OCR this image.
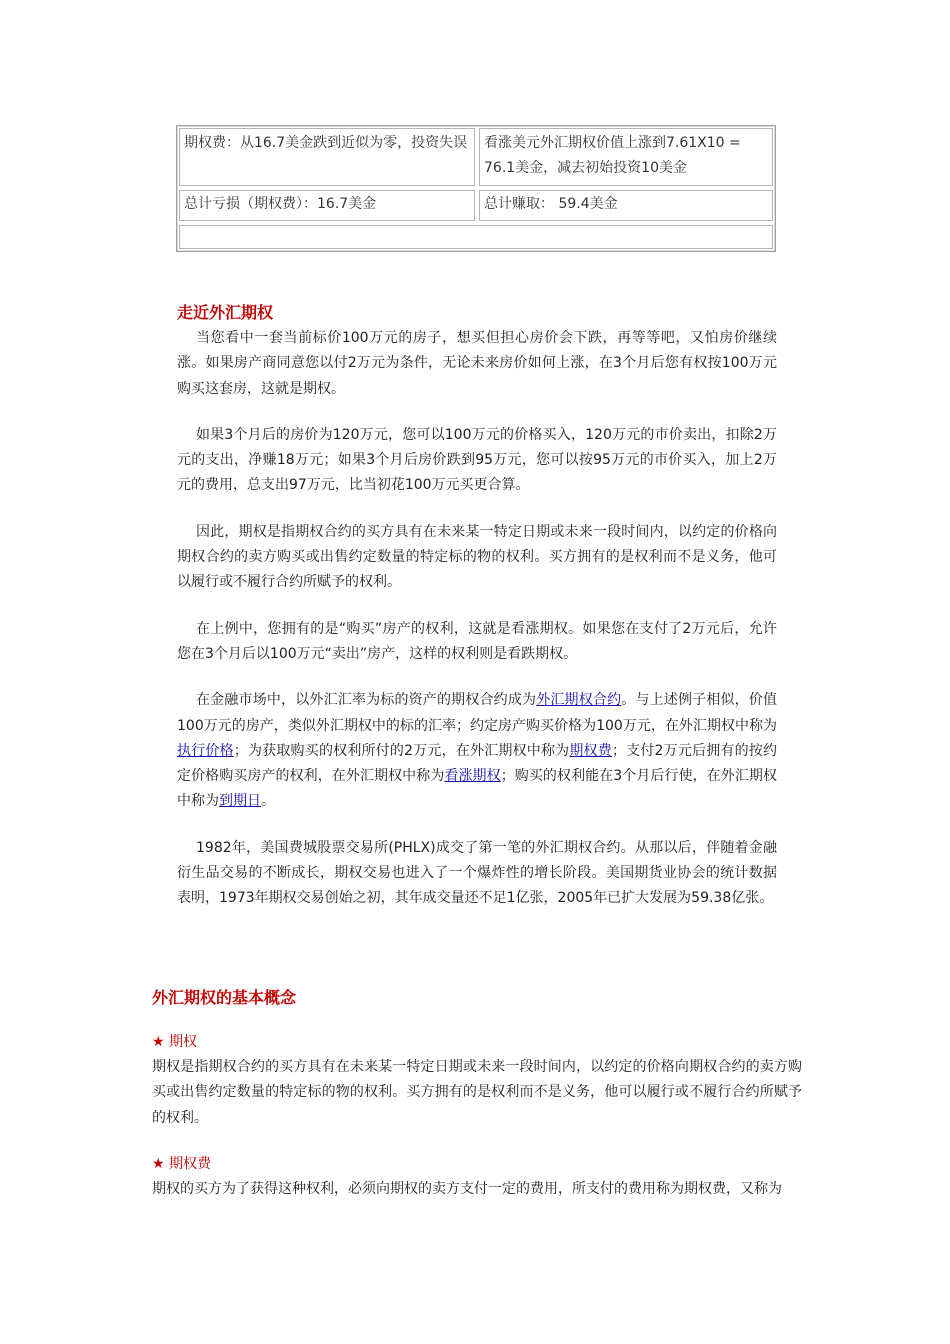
期权费：从16.7美金跌到近似为零，投资失误	看涨美元外汇期权价值上涨到7.61X10 = 76.1美金，减去初始投资10美金
总计亏损（期权费）：16.7美金	总计赚取： 59.4美金
走近外汇期权

当您看中一套当前标价100万元的房子，想买但担心房价会下跌，再等等吧，又怕房价继续涨。如果房产商同意您以付2万元为条件，无论未来房价如何上涨，在3个月后您有权按100万元购买这套房，这就是期权。

如果3个月后的房价为120万元，您可以100万元的价格买入，120万元的市价卖出，扣除2万元的支出，净赚18万元；如果3个月后房价跌到95万元，您可以按95万元的市价买入，加上2万元的费用，总支出97万元，比当初花100万元买更合算。

因此，期权是指期权合约的买方具有在未来某一特定日期或未来一段时间内，以约定的价格向期权合约的卖方购买或出售约定数量的特定标的物的权利。买方拥有的是权利而不是义务，他可以履行或不履行合约所赋予的权利。

在上例中，您拥有的是“购买”房产的权利，这就是看涨期权。如果您在支付了2万元后，允许您在3个月后以100万元“卖出”房产，这样的权利则是看跌期权。

在金融市场中，以外汇汇率为标的资产的期权合约成为外汇期权合约。与上述例子相似，价值100万元的房产，类似外汇期权中的标的汇率；约定房产购买价格为100万元，在外汇期权中称为执行价格；为获取购买的权利所付的2万元，在外汇期权中称为期权费；支付2万元后拥有的按约定价格购买房产的权利，在外汇期权中称为看涨期权；购买的权利能在3个月后行使，在外汇期权中称为到期日。

1982年，美国费城股票交易所(PHLX)成交了第一笔的外汇期权合约。从那以后，伴随着金融衍生品交易的不断成长，期权交易也进入了一个爆炸性的增长阶段。美国期货业协会的统计数据表明，1973年期权交易创始之初，其年成交量还不足1亿张，2005年已扩大发展为59.38亿张。

外汇期权的基本概念

★ 期权

期权是指期权合约的买方具有在未来某一特定日期或未来一段时间内，以约定的价格向期权合约的卖方购买或出售约定数量的特定标的物的权利。买方拥有的是权利而不是义务，他可以履行或不履行合约所赋予的权利。

★ 期权费

期权的买方为了获得这种权利，必须向期权的卖方支付一定的费用，所支付的费用称为期权费，又称为
